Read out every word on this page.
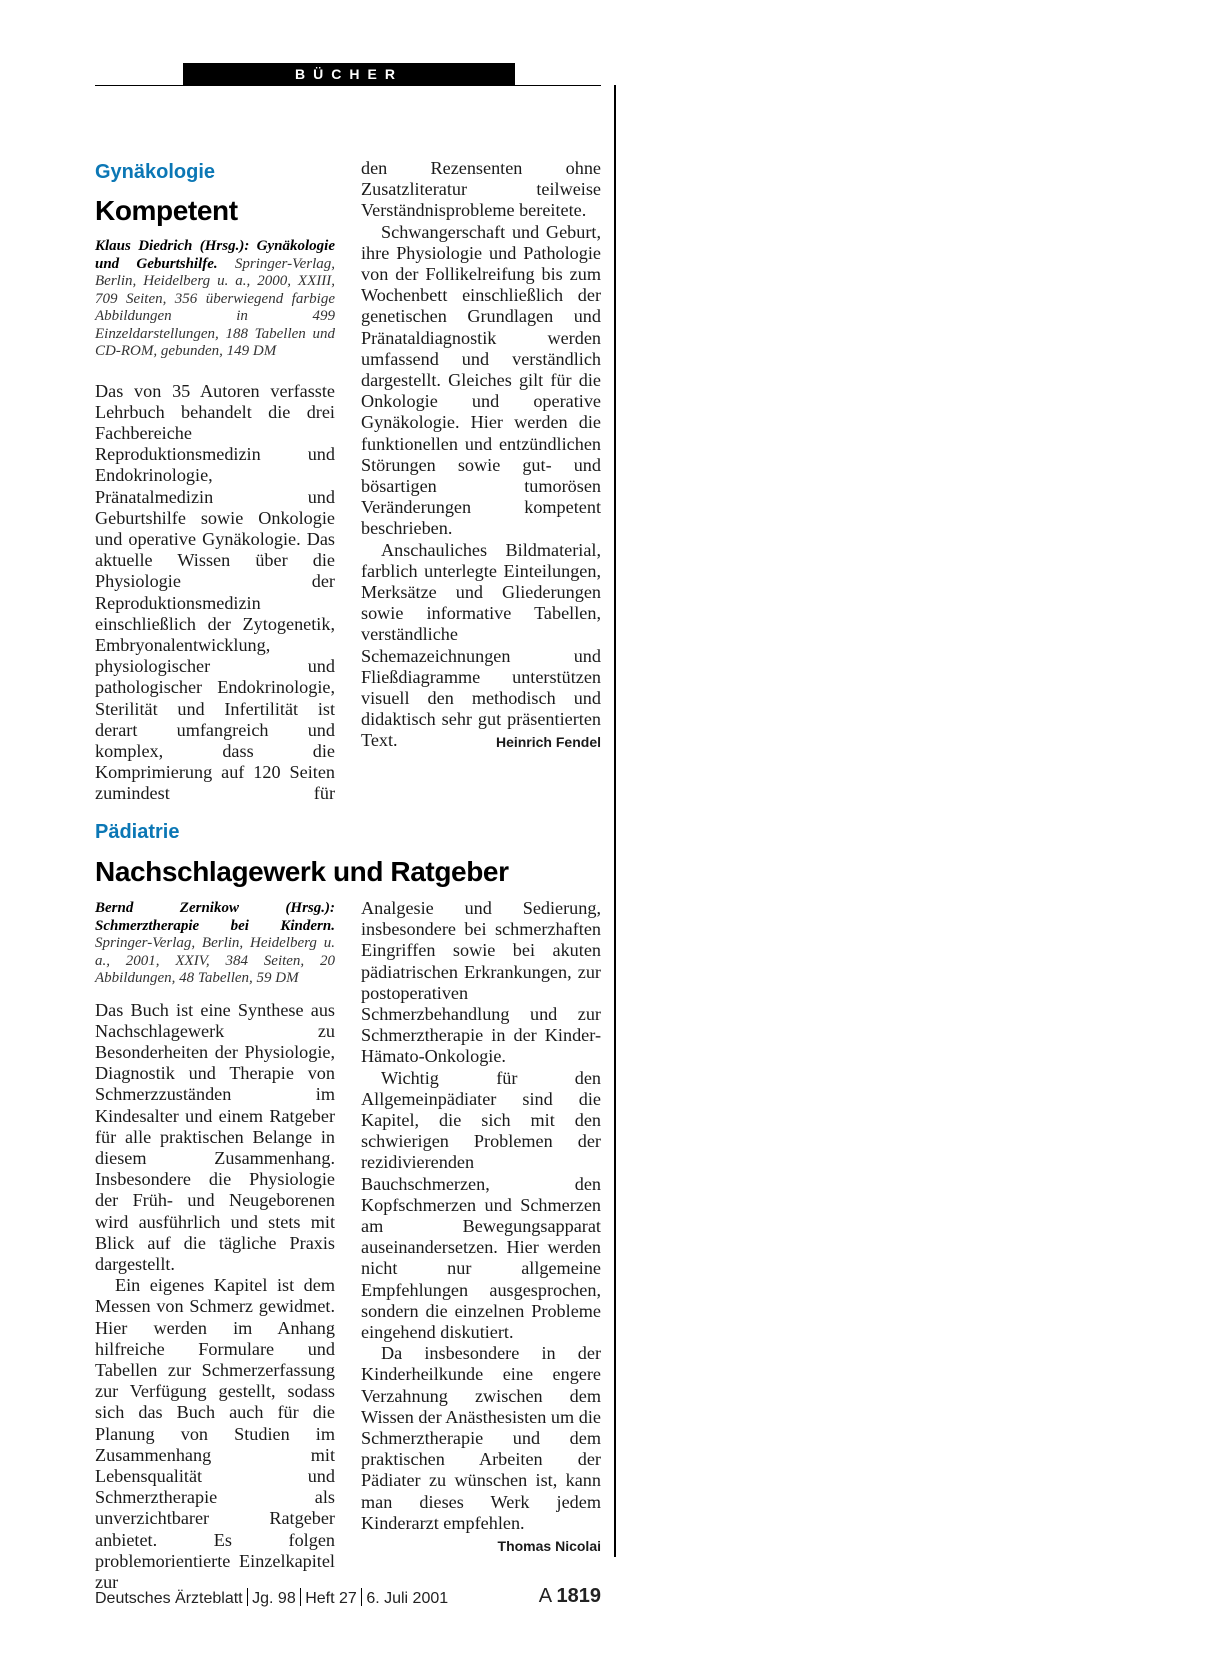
BÜCHER
Gynäkologie
Kompetent
Klaus Diedrich (Hrsg.): Gynäkologie und Geburtshilfe. Springer-Verlag, Berlin, Heidelberg u. a., 2000, XXIII, 709 Seiten, 356 überwiegend farbige Abbildungen in 499 Einzeldarstellungen, 188 Tabellen und CD-ROM, gebunden, 149 DM

Das von 35 Autoren verfasste Lehrbuch behandelt die drei Fachbereiche Reproduktionsmedizin und Endokrinologie, Pränatalmedizin und Geburtshilfe sowie Onkologie und operative Gynäkologie. Das aktuelle Wissen über die Physiologie der Reproduktionsmedizin einschließlich der Zytogenetik, Embryonalentwicklung, physiologischer und pathologischer Endokrinologie, Sterilität und Infertilität ist derart umfangreich und komplex, dass die Komprimierung auf 120 Seiten zumindest für

den Rezensenten ohne Zusatzliteratur teilweise Verständnisprobleme bereitete.

Schwangerschaft und Geburt, ihre Physiologie und Pathologie von der Follikelreifung bis zum Wochenbett einschließlich der genetischen Grundlagen und Pränataldiagnostik werden umfassend und verständlich dargestellt. Gleiches gilt für die Onkologie und operative Gynäkologie. Hier werden die funktionellen und entzündlichen Störungen sowie gut- und bösartigen tumorösen Veränderungen kompetent beschrieben.

Anschauliches Bildmaterial, farblich unterlegte Einteilungen, Merksätze und Gliederungen sowie informative Tabellen, verständliche Schemazeichnungen und Fließdiagramme unterstützen visuell den methodisch und didaktisch sehr gut präsentierten Text.	Heinrich Fendel

Pädiatrie
Nachschlagewerk und Ratgeber
Bernd Zernikow (Hrsg.): Schmerztherapie bei Kindern. Springer-Verlag, Berlin, Heidelberg u. a., 2001, XXIV, 384 Seiten, 20 Abbildungen, 48 Tabellen, 59 DM

Das Buch ist eine Synthese aus Nachschlagewerk zu Besonderheiten der Physiologie, Diagnostik und Therapie von Schmerzzuständen im Kindesalter und einem Ratgeber für alle praktischen Belange in diesem Zusammenhang. Insbesondere die Physiologie der Früh- und Neugeborenen wird ausführlich und stets mit Blick auf die tägliche Praxis dargestellt.

Ein eigenes Kapitel ist dem Messen von Schmerz gewidmet. Hier werden im Anhang hilfreiche Formulare und Tabellen zur Schmerzerfassung zur Verfügung gestellt, sodass sich das Buch auch für die Planung von Studien im Zusammenhang mit Lebensqualität und Schmerztherapie als unverzichtbarer Ratgeber anbietet. Es folgen problemorientierte Einzelkapitel zur

Analgesie und Sedierung, insbesondere bei schmerzhaften Eingriffen sowie bei akuten pädiatrischen Erkrankungen, zur postoperativen Schmerzbehandlung und zur Schmerztherapie in der Kinder-Hämato-Onkologie.

Wichtig für den Allgemeinpädiater sind die Kapitel, die sich mit den schwierigen Problemen der rezidivierenden Bauchschmerzen, den Kopfschmerzen und Schmerzen am Bewegungsapparat auseinandersetzen. Hier werden nicht nur allgemeine Empfehlungen ausgesprochen, sondern die einzelnen Probleme eingehend diskutiert.

Da insbesondere in der Kinderheilkunde eine engere Verzahnung zwischen dem Wissen der Anästhesisten um die Schmerztherapie und dem praktischen Arbeiten der Pädiater zu wünschen ist, kann man dieses Werk jedem Kinderarzt empfehlen.
Thomas Nicolai

Deutsches Ärzteblatt Jg. 98 Heft 27 6. Juli 2001	A 1819
